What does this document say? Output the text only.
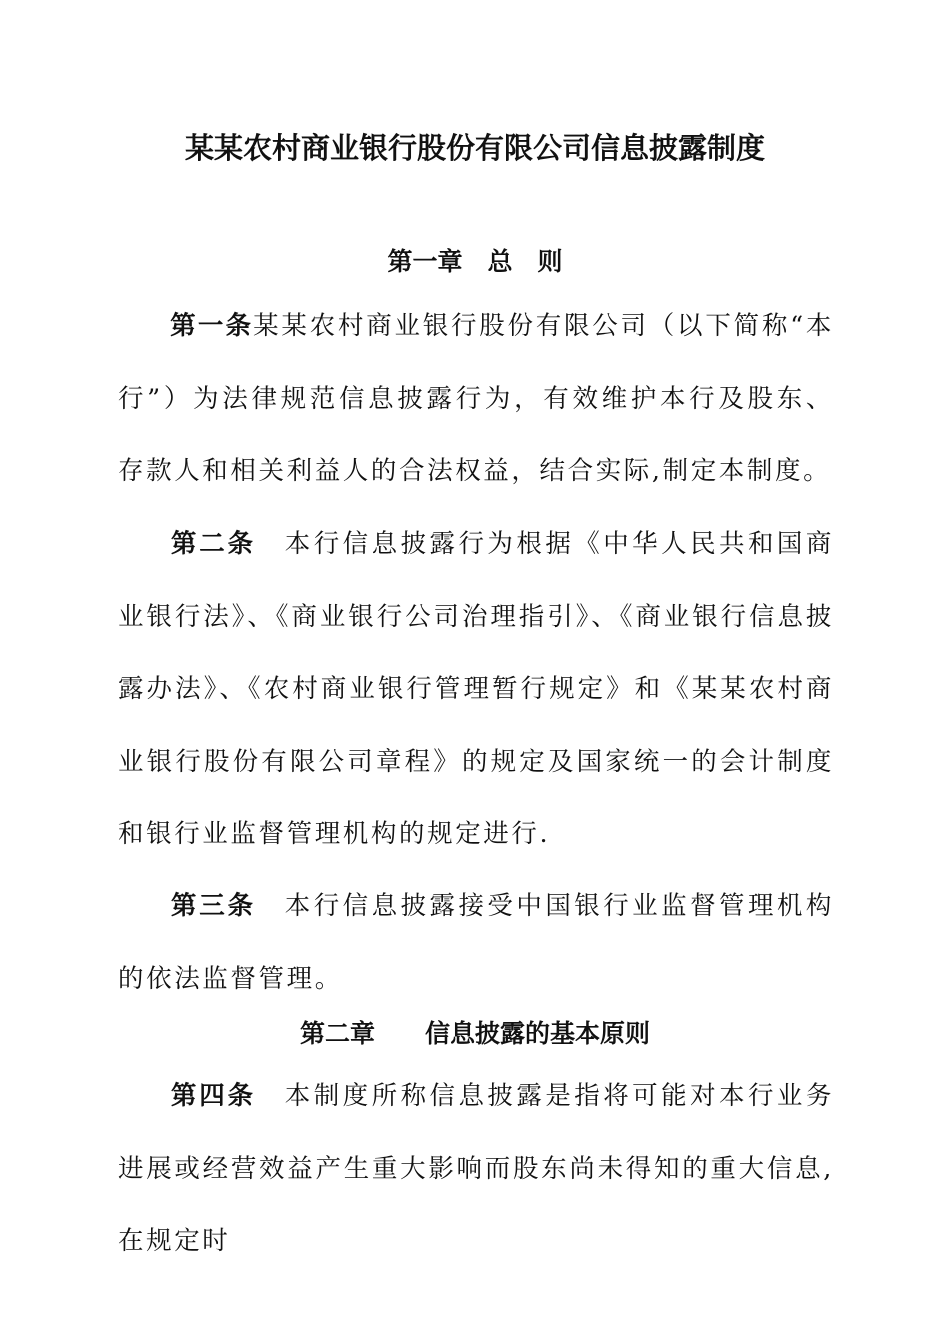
某某农村商业银行股份有限公司信息披露制度
第一章　总　则
第一条某某农村商业银行股份有限公司（以下简称“本行”）为法律规范信息披露行为，有效维护本行及股东、存款人和相关利益人的合法权益，结合实际,制定本制度。
第二条 本行信息披露行为根据《中华人民共和国商业银行法》、《商业银行公司治理指引》、《商业银行信息披露办法》、《农村商业银行管理暂行规定》和《某某农村商业银行股份有限公司章程》的规定及国家统一的会计制度和银行业监督管理机构的规定进行.
第三条 本行信息披露接受中国银行业监督管理机构的依法监督管理。
第二章　　信息披露的基本原则
第四条 本制度所称信息披露是指将可能对本行业务进展或经营效益产生重大影响而股东尚未得知的重大信息,在规定时
